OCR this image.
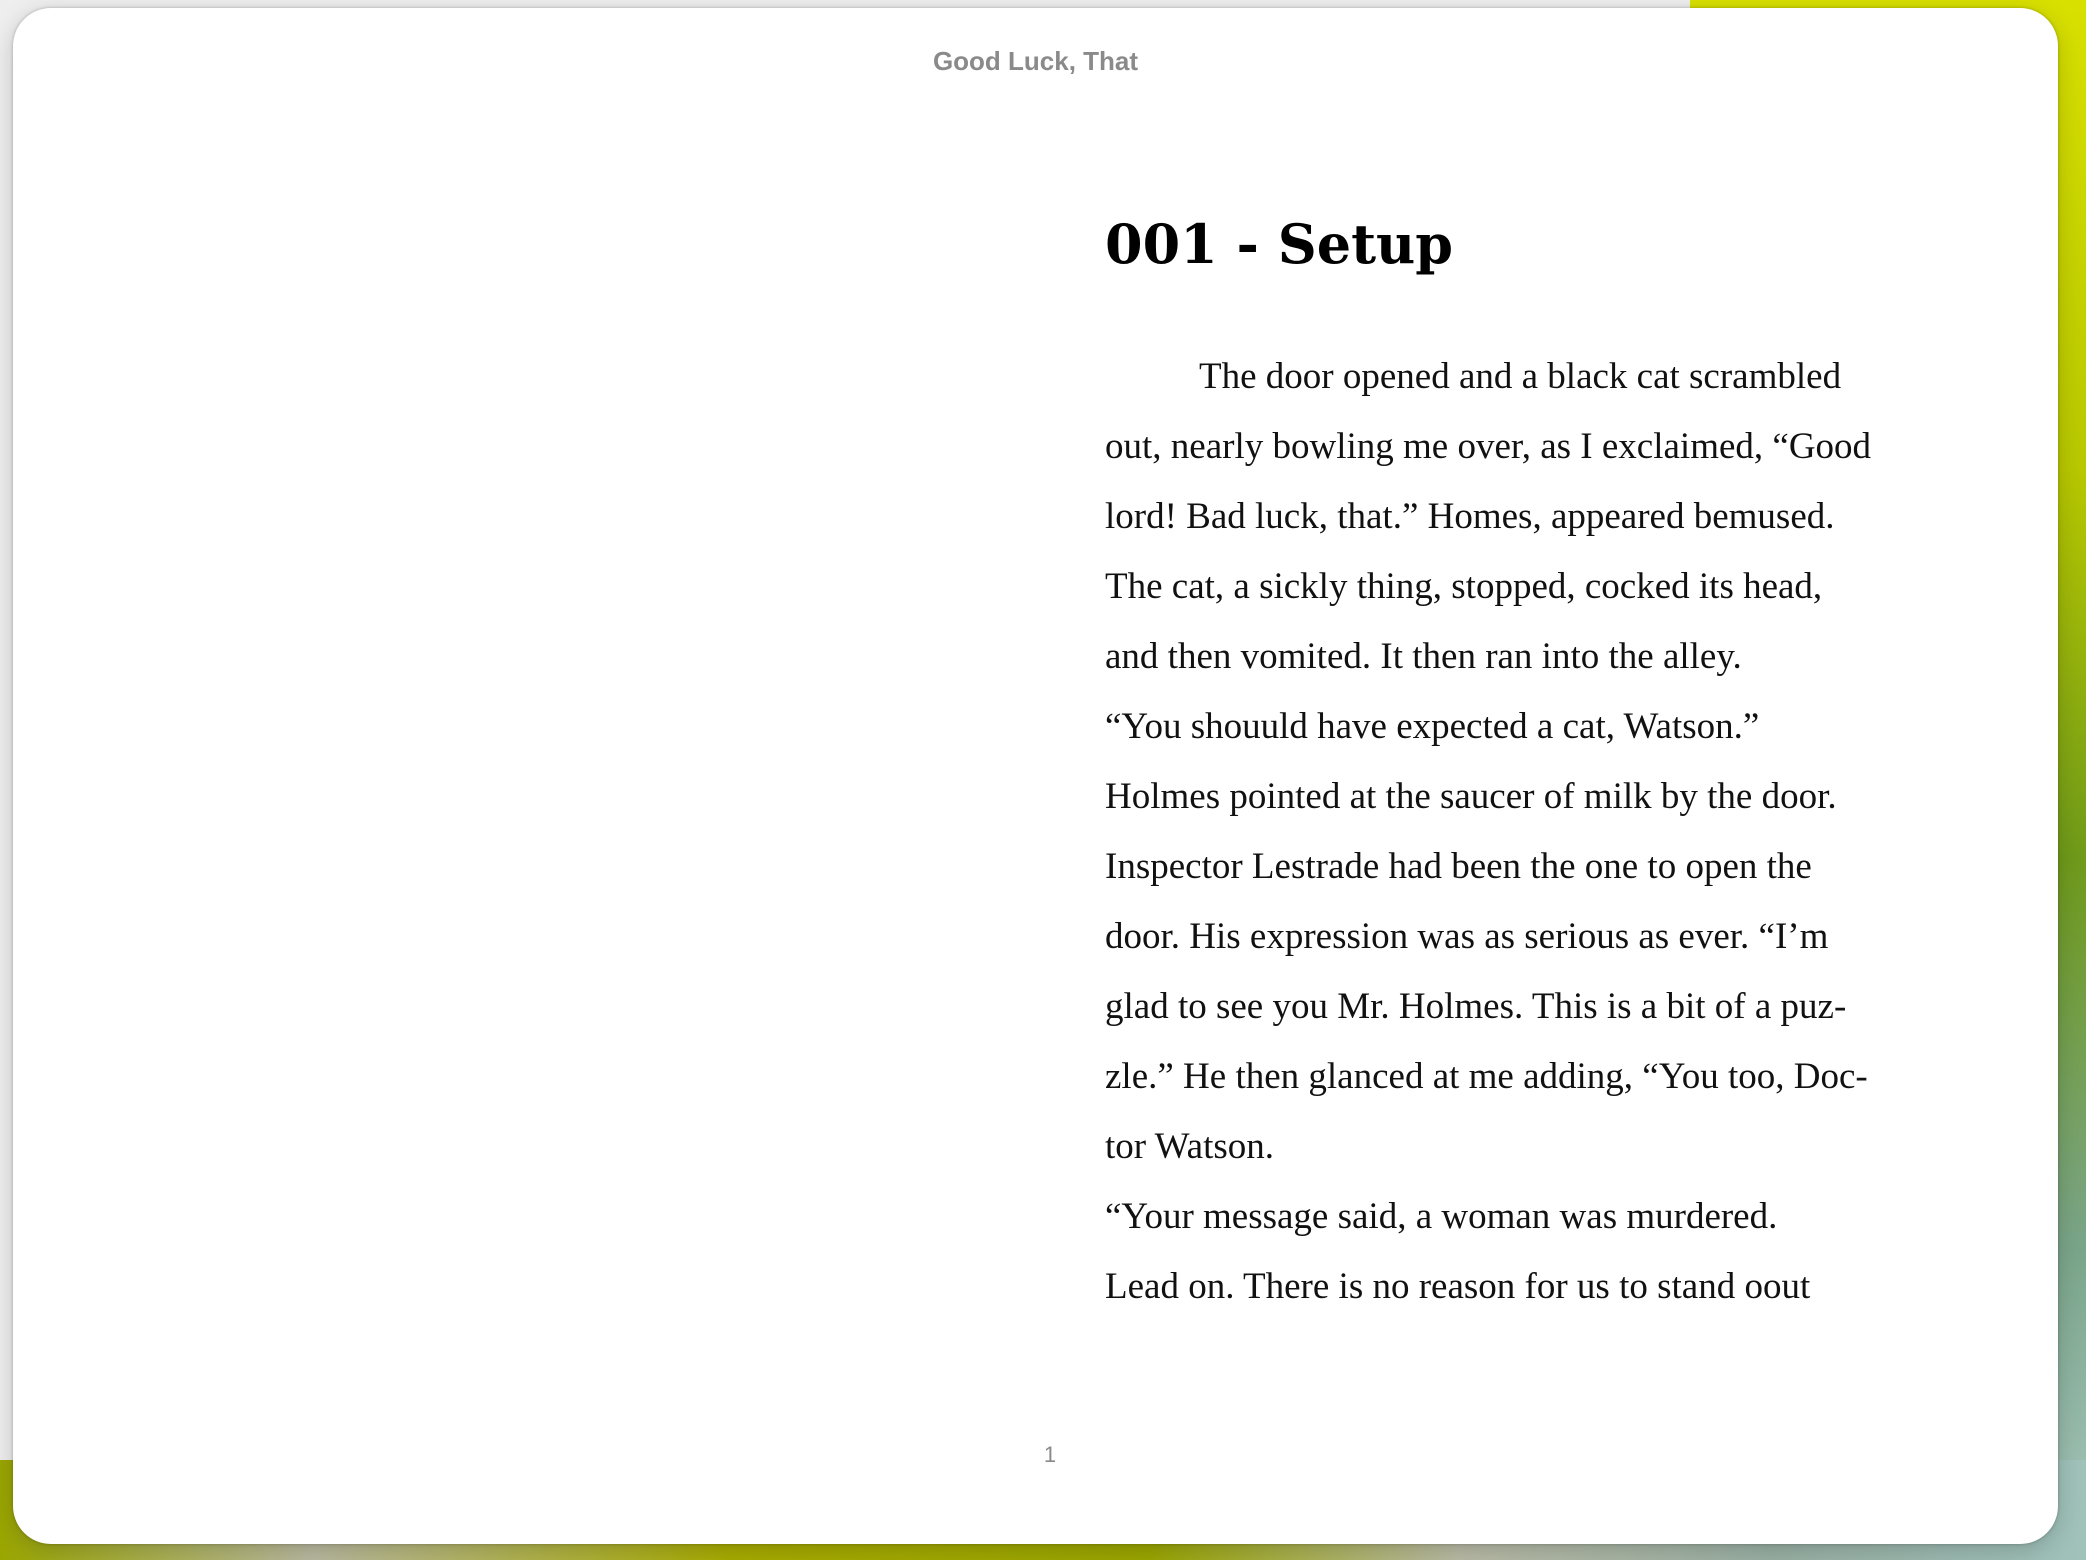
Good Luck, That
001 - Setup
The door opened and a black cat scrambled
out, nearly bowling me over, as I exclaimed, “Good
lord! Bad luck, that.” Homes, appeared bemused.
The cat, a sickly thing, stopped, cocked its head,
and then vomited. It then ran into the alley.
“You shouuld have expected a cat, Watson.”
Holmes pointed at the saucer of milk by the door.
Inspector Lestrade had been the one to open the
door. His expression was as serious as ever. “I’m
glad to see you Mr. Holmes. This is a bit of a puz-
zle.” He then glanced at me adding, “You too, Doc-
tor Watson.
“Your message said, a woman was murdered.
Lead on. There is no reason for us to stand oout
1
